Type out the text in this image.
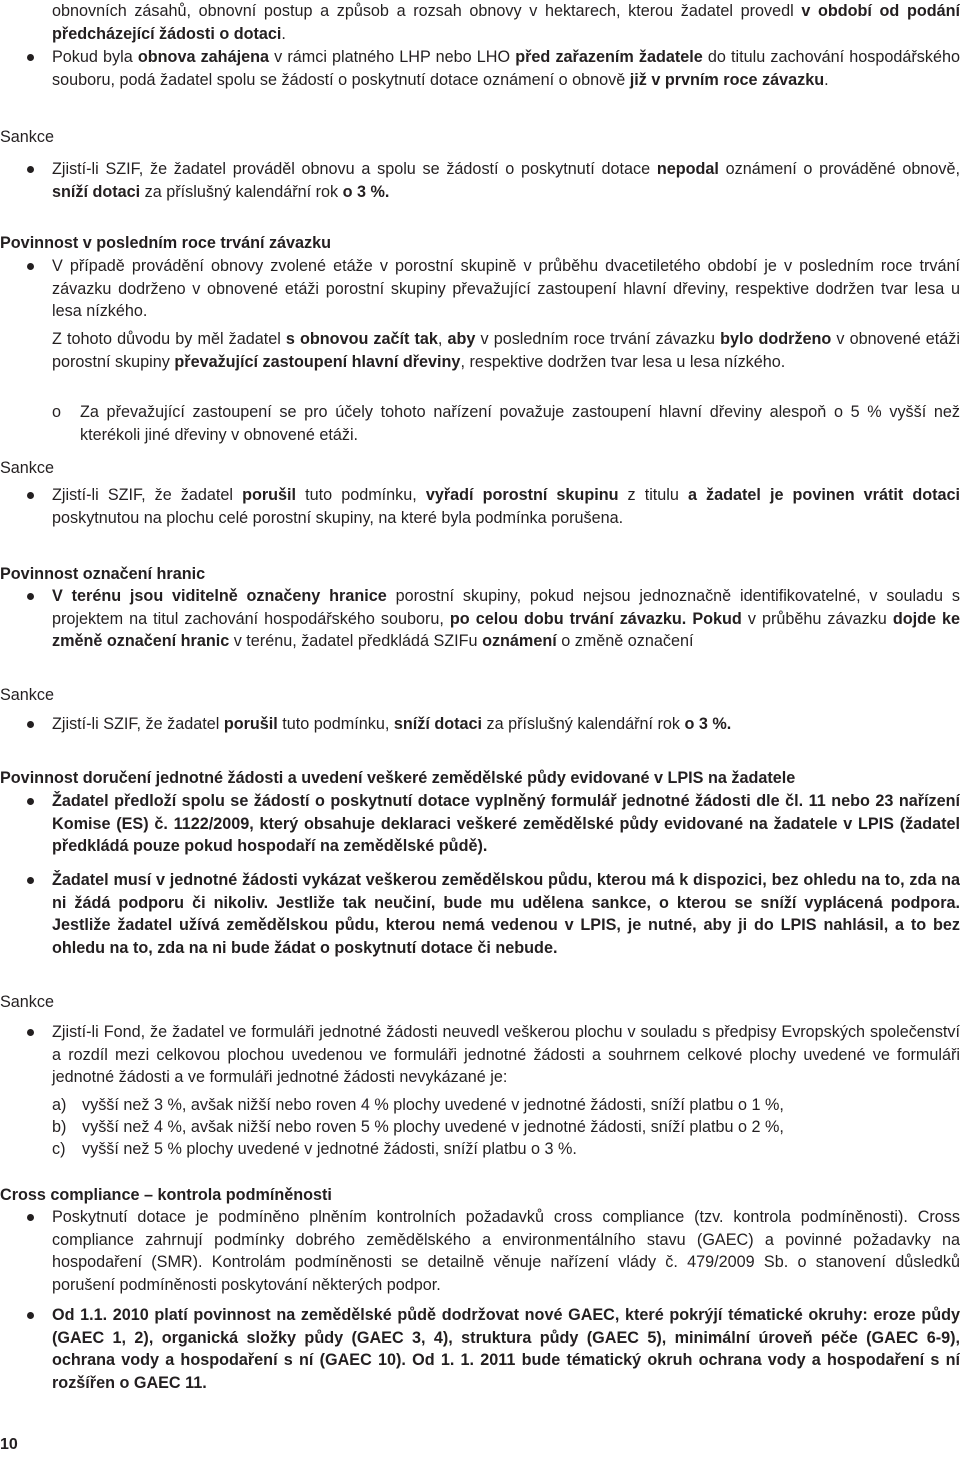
obnovních zásahů, obnovní postup a způsob a rozsah obnovy v hektarech, kterou žadatel provedl v období od podání předcházející žádosti o dotaci.

Pokud byla obnova zahájena v rámci platného LHP nebo LHO před zařazením žadatele do titulu zachování hospodářského souboru, podá žadatel spolu se žádostí o poskytnutí dotace oznámení o obnově již v prvním roce závazku.

Sankce

Zjistí-li SZIF, že žadatel prováděl obnovu a spolu se žádostí o poskytnutí dotace nepodal oznámení o prováděné obnově, sníží dotaci za příslušný kalendářní rok o 3 %.
Povinnost v posledním roce trvání závazku
V případě provádění obnovy zvolené etáže v porostní skupině v průběhu dvacetiletého období je v posledním roce trvání závazku dodrženo v obnovené etáži porostní skupiny převažující zastoupení hlavní dřeviny, respektive dodržen tvar lesa u lesa nízkého.

Z tohoto důvodu by měl žadatel s obnovou začít tak, aby v posledním roce trvání závazku bylo dodrženo v obnovené etáži porostní skupiny převažující zastoupení hlavní dřeviny, respektive dodržen tvar lesa u lesa nízkého.

o Za převažující zastoupení se pro účely tohoto nařízení považuje zastoupení hlavní dřeviny alespoň o 5 % vyšší než kterékoli jiné dřeviny v obnovené etáži.

Sankce

Zjistí-li SZIF, že žadatel porušil tuto podmínku, vyřadí porostní skupinu z titulu a žadatel je povinen vrátit dotaci poskytnutou na plochu celé porostní skupiny, na které byla podmínka porušena.
Povinnost označení hranic
V terénu jsou viditelně označeny hranice porostní skupiny, pokud nejsou jednoznačně identifikovatelné, v souladu s projektem na titul zachování hospodářského souboru, po celou dobu trvání závazku. Pokud v průběhu závazku dojde ke změně označení hranic v terénu, žadatel předkládá SZIFu oznámení o změně označení

Sankce

Zjistí-li SZIF, že žadatel porušil tuto podmínku, sníží dotaci za příslušný kalendářní rok o 3 %.
Povinnost doručení jednotné žádosti a uvedení veškeré zemědělské půdy evidované v LPIS na žadatele
Žadatel předloží spolu se žádostí o poskytnutí dotace vyplněný formulář jednotné žádosti dle čl. 11 nebo 23 nařízení Komise (ES) č. 1122/2009, který obsahuje deklaraci veškeré zemědělské půdy evidované na žadatele v LPIS (žadatel předkládá pouze pokud hospodaří na zemědělské půdě).
Žadatel musí v jednotné žádosti vykázat veškerou zemědělskou půdu, kterou má k dispozici, bez ohledu na to, zda na ni žádá podporu či nikoliv. Jestliže tak neučiní, bude mu udělena sankce, o kterou se sníží vyplácená podpora. Jestliže žadatel užívá zemědělskou půdu, kterou nemá vedenou v LPIS, je nutné, aby ji do LPIS nahlásil, a to bez ohledu na to, zda na ni bude žádat o poskytnutí dotace či nebude.

Sankce

Zjistí-li Fond, že žadatel ve formuláři jednotné žádosti neuvedl veškerou plochu v souladu s předpisy Evropských společenství a rozdíl mezi celkovou plochou uvedenou ve formuláři jednotné žádosti a souhrnem celkové plochy uvedené ve formuláři jednotné žádosti a ve formuláři jednotné žádosti nevykázané je:

a) vyšší než 3 %, avšak nižší nebo roven 4 % plochy uvedené v jednotné žádosti, sníží platbu o 1 %,

b) vyšší než 4 %, avšak nižší nebo roven 5 % plochy uvedené v jednotné žádosti, sníží platbu o 2 %,

c) vyšší než 5 % plochy uvedené v jednotné žádosti, sníží platbu o 3 %.

Cross compliance – kontrola podmíněnosti
Poskytnutí dotace je podmíněno plněním kontrolních požadavků cross compliance (tzv. kontrola podmíněnosti). Cross compliance zahrnují podmínky dobrého zemědělského a environmentálního stavu (GAEC) a povinné požadavky na hospodaření (SMR). Kontrolám podmíněnosti se detailně věnuje nařízení vlády č. 479/2009 Sb. o stanovení důsledků porušení podmíněnosti poskytování některých podpor.
Od 1.1. 2010 platí povinnost na zemědělské půdě dodržovat nové GAEC, které pokrýjí tématické okruhy: eroze půdy (GAEC 1, 2), organická složky půdy (GAEC 3, 4), struktura půdy (GAEC 5), minimální úroveň péče (GAEC 6-9), ochrana vody a hospodaření s ní (GAEC 10). Od 1. 1. 2011 bude tématický okruh ochrana vody a hospodaření s ní rozšířen o GAEC 11.
10
